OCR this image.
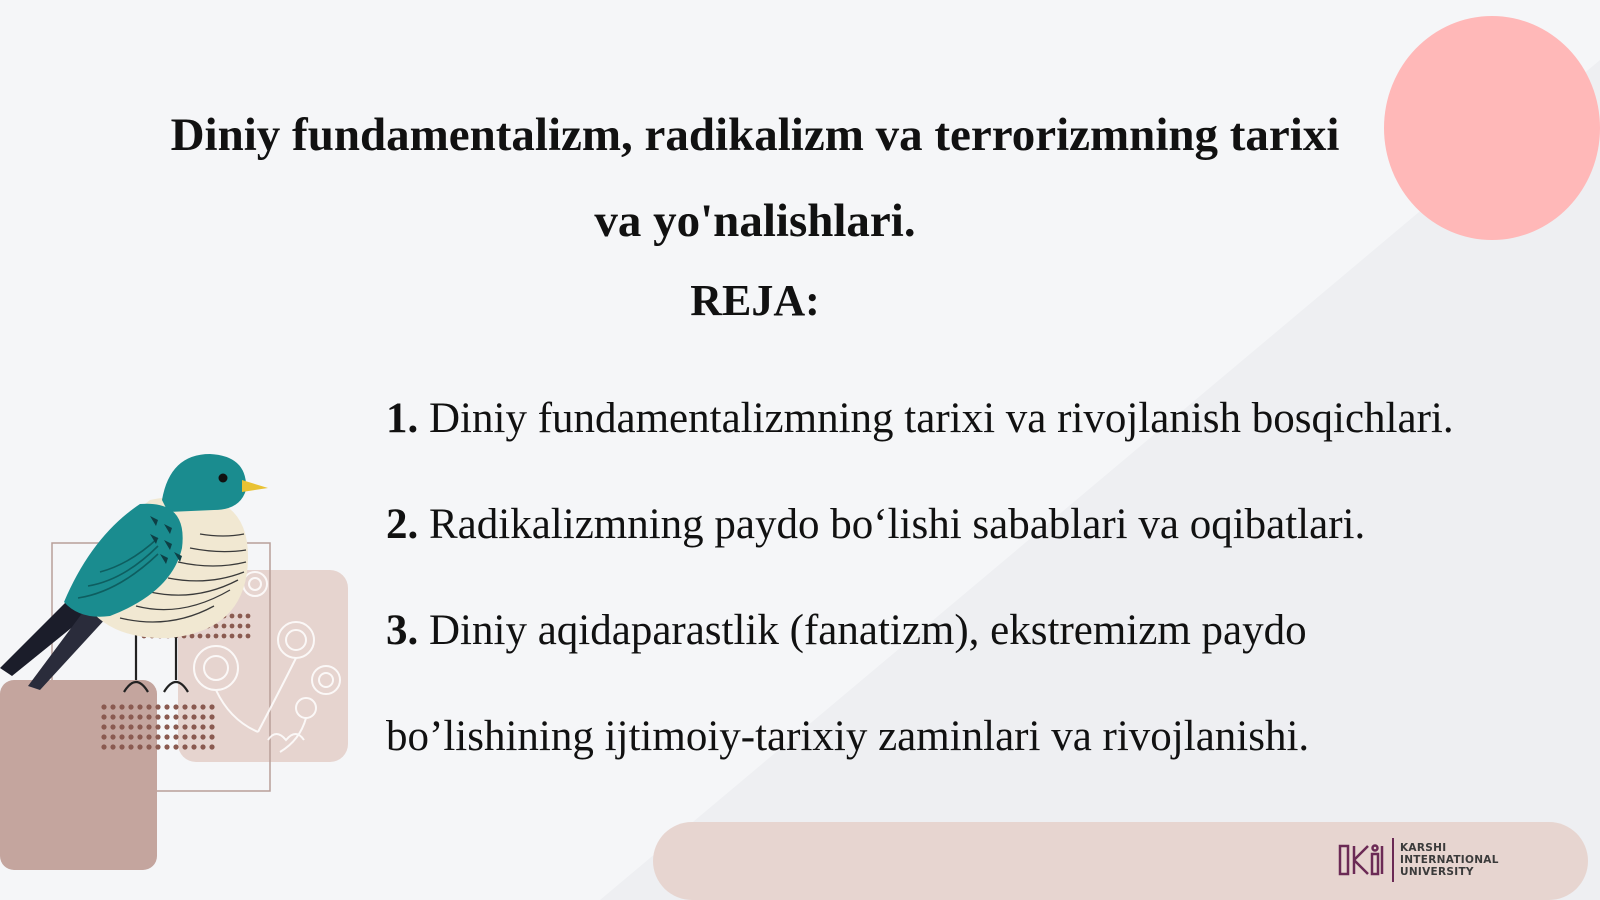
Diniy fundamentalizm, radikalizm va terrorizmning tarixi
va yo'nalishlari.
REJA:
1. Diniy fundamentalizmning tarixi va rivojlanish bosqichlari.
2. Radikalizmning paydo bo‘lishi sabablari va oqibatlari.
3. Diniy aqidaparastlik (fanatizm), ekstremizm paydo
bo’lishining ijtimoiy-tarixiy zaminlari va rivojlanishi.
KARSHI
INTERNATIONAL
UNIVERSITY
